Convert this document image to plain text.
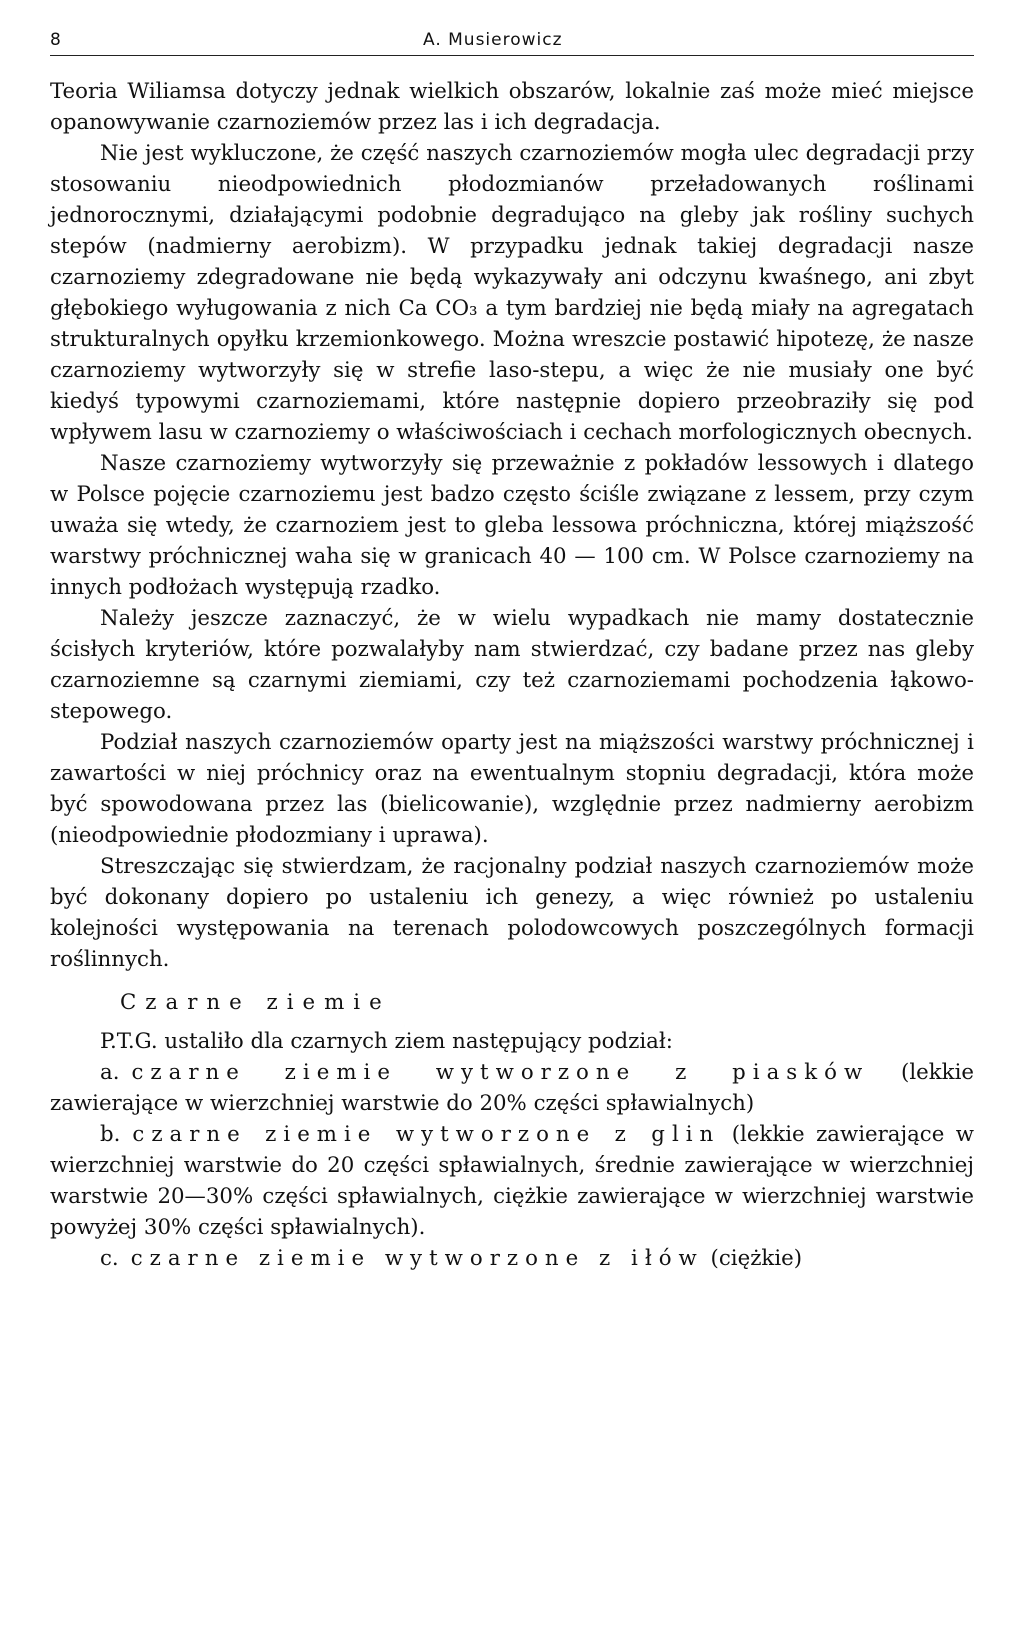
8	A. Musierowicz

Teoria Wiliamsa dotyczy jednak wielkich obszarów, lokalnie zaś może mieć miejsce opanowywanie czarnoziemów przez las i ich degradacja.

Nie jest wykluczone, że część naszych czarnoziemów mogła ulec degradacji przy stosowaniu nieodpowiednich płodozmianów przeładowanych roślinami jednorocznymi, działającymi podobnie degradująco na gleby jak rośliny suchych stepów (nadmierny aerobizm). W przypadku jednak takiej degradacji nasze czarnoziemy zdegradowane nie będą wykazywały ani odczynu kwaśnego, ani zbyt głębokiego wyługowania z nich Ca CO₃ a tym bardziej nie będą miały na agregatach strukturalnych opyłku krzemionkowego. Można wreszcie postawić hipotezę, że nasze czarnoziemy wytworzyły się w strefie laso-stepu, a więc że nie musiały one być kiedyś typowymi czarnoziemami, które następnie dopiero przeobraziły się pod wpływem lasu w czarnoziemy o właściwościach i cechach morfologicznych obecnych.

Nasze czarnoziemy wytworzyły się przeważnie z pokładów lessowych i dlatego w Polsce pojęcie czarnoziemu jest badzo często ściśle związane z lessem, przy czym uważa się wtedy, że czarnoziem jest to gleba lessowa próchniczna, której miąższość warstwy próchnicznej waha się w granicach 40 — 100 cm. W Polsce czarnoziemy na innych podłożach występują rzadko.

Należy jeszcze zaznaczyć, że w wielu wypadkach nie mamy dostatecznie ścisłych kryteriów, które pozwalałyby nam stwierdzać, czy badane przez nas gleby czarnoziemne są czarnymi ziemiami, czy też czarnoziemami pochodzenia łąkowo-stepowego.

Podział naszych czarnoziemów oparty jest na miąższości warstwy próchnicznej i zawartości w niej próchnicy oraz na ewentualnym stopniu degradacji, która może być spowodowana przez las (bielicowanie), względnie przez nadmierny aerobizm (nieodpowiednie płodozmiany i uprawa).

Streszczając się stwierdzam, że racjonalny podział naszych czarnoziemów może być dokonany dopiero po ustaleniu ich genezy, a więc również po ustaleniu kolejności występowania na terenach polodowcowych poszczególnych formacji roślinnych.

Czarne ziemie

P.T.G. ustaliło dla czarnych ziem następujący podział:

a. czarne ziemie wytworzone z piasków (lekkie zawierające w wierzchniej warstwie do 20% części spławialnych)

b. czarne ziemie wytworzone z glin (lekkie zawierające w wierzchniej warstwie do 20 części spławialnych, średnie zawierające w wierzchniej warstwie 20—30% części spławialnych, ciężkie zawierające w wierzchniej warstwie powyżej 30% części spławialnych).

c. czarne ziemie wytworzone z iłów (ciężkie)
